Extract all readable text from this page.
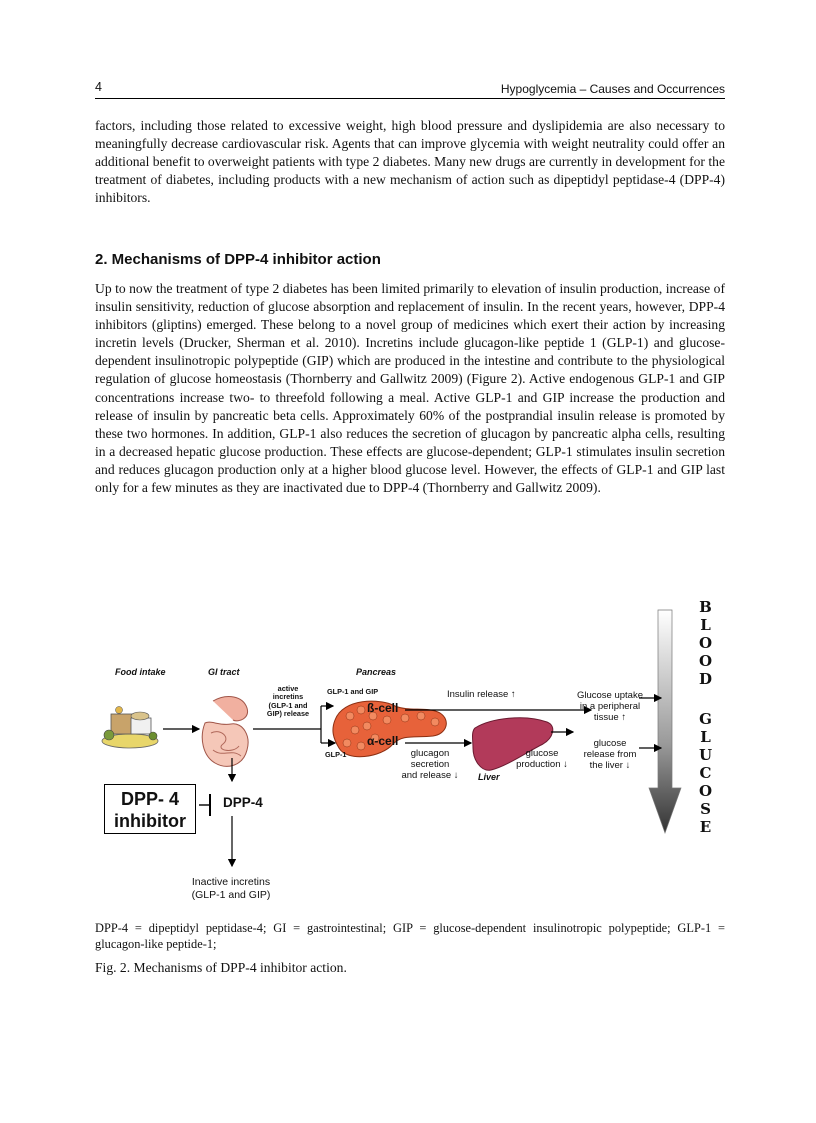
4	Hypoglycemia – Causes and Occurrences

factors, including those related to excessive weight, high blood pressure and dyslipidemia are also necessary to meaningfully decrease cardiovascular risk. Agents that can improve glycemia with weight neutrality could offer an additional benefit to overweight patients with type 2 diabetes. Many new drugs are currently in development for the treatment of diabetes, including products with a new mechanism of action such as dipeptidyl peptidase-4 (DPP-4) inhibitors.

2. Mechanisms of DPP-4 inhibitor action

Up to now the treatment of type 2 diabetes has been limited primarily to elevation of insulin production, increase of insulin sensitivity, reduction of glucose absorption and replacement of insulin. In the recent years, however, DPP-4 inhibitors (gliptins) emerged. These belong to a novel group of medicines which exert their action by increasing incretin levels (Drucker, Sherman et al. 2010). Incretins include glucagon-like peptide 1 (GLP-1) and glucose-dependent insulinotropic polypeptide (GIP) which are produced in the intestine and contribute to the physiological regulation of glucose homeostasis (Thornberry and Gallwitz 2009) (Figure 2). Active endogenous GLP-1 and GIP concentrations increase two- to threefold following a meal. Active GLP-1 and GIP increase the production and release of insulin by pancreatic beta cells. Approximately 60% of the postprandial insulin release is promoted by these two hormones. In addition, GLP-1 also reduces the secretion of glucagon by pancreatic alpha cells, resulting in a decreased hepatic glucose production. These effects are glucose-dependent; GLP-1 stimulates insulin secretion and reduces glucagon production only at a higher blood glucose level. However, the effects of GLP-1 and GIP last only for a few minutes as they are inactivated due to DPP-4 (Thornberry and Gallwitz 2009).

Food intake	GI tract	Pancreas
active
incretins
(GLP-1 and
GIP) release
GLP-1 and GIP
GLP-1
ß-cell
α-cell
Insulin release ↑
glucagon
secretion
and release ↓	Liver
glucose
production ↓
Glucose uptake
in a peripheral
tissue ↑
glucose
release from
the liver ↓
BLOOD
GLUCOSE
DPP- 4
inhibitor
DPP-4
Inactive incretins
(GLP-1 and GIP)

DPP-4 = dipeptidyl peptidase-4; GI = gastrointestinal; GIP = glucose-dependent insulinotropic polypeptide; GLP-1 = glucagon-like peptide-1;

Fig. 2. Mechanisms of DPP-4 inhibitor action.
